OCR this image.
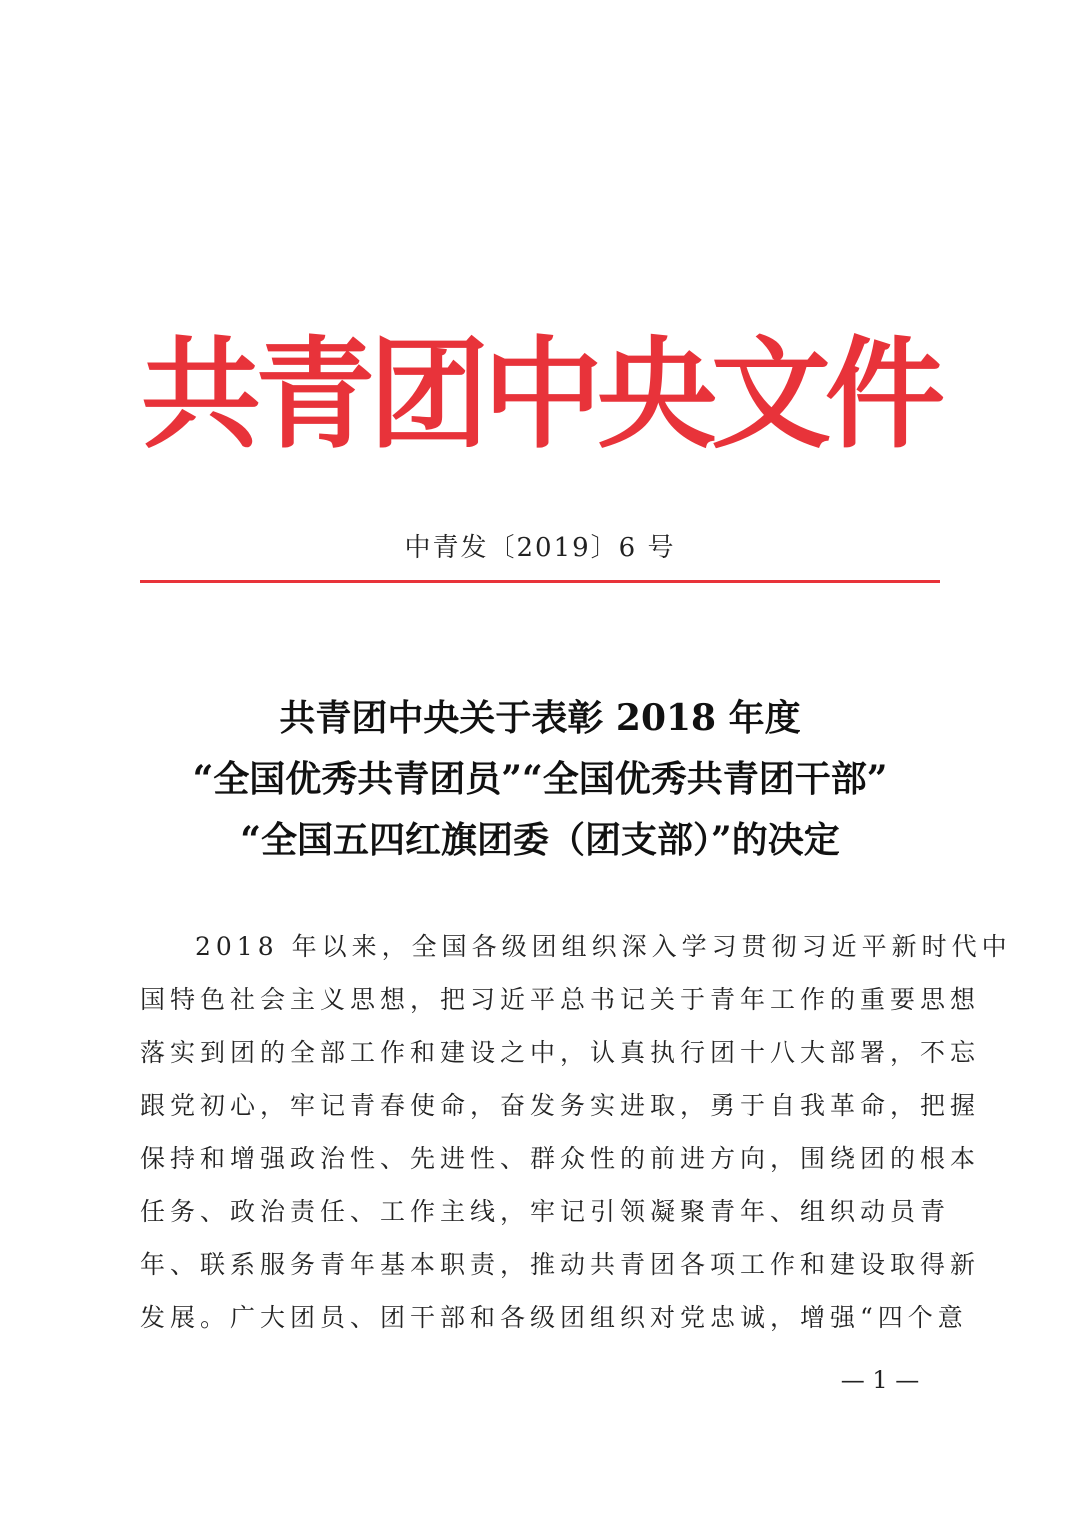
共青团中央文件
中青发〔2019〕6 号
共青团中央关于表彰 2018 年度
“全国优秀共青团员”“全国优秀共青团干部”
“全国五四红旗团委（团支部）”的决定
2018 年以来，全国各级团组织深入学习贯彻习近平新时代中
国特色社会主义思想，把习近平总书记关于青年工作的重要思想
落实到团的全部工作和建设之中，认真执行团十八大部署，不忘
跟党初心，牢记青春使命，奋发务实进取，勇于自我革命，把握
保持和增强政治性、先进性、群众性的前进方向，围绕团的根本
任务、政治责任、工作主线，牢记引领凝聚青年、组织动员青
年、联系服务青年基本职责，推动共青团各项工作和建设取得新
发展。广大团员、团干部和各级团组织对党忠诚，增强“四个意
— 1 —
